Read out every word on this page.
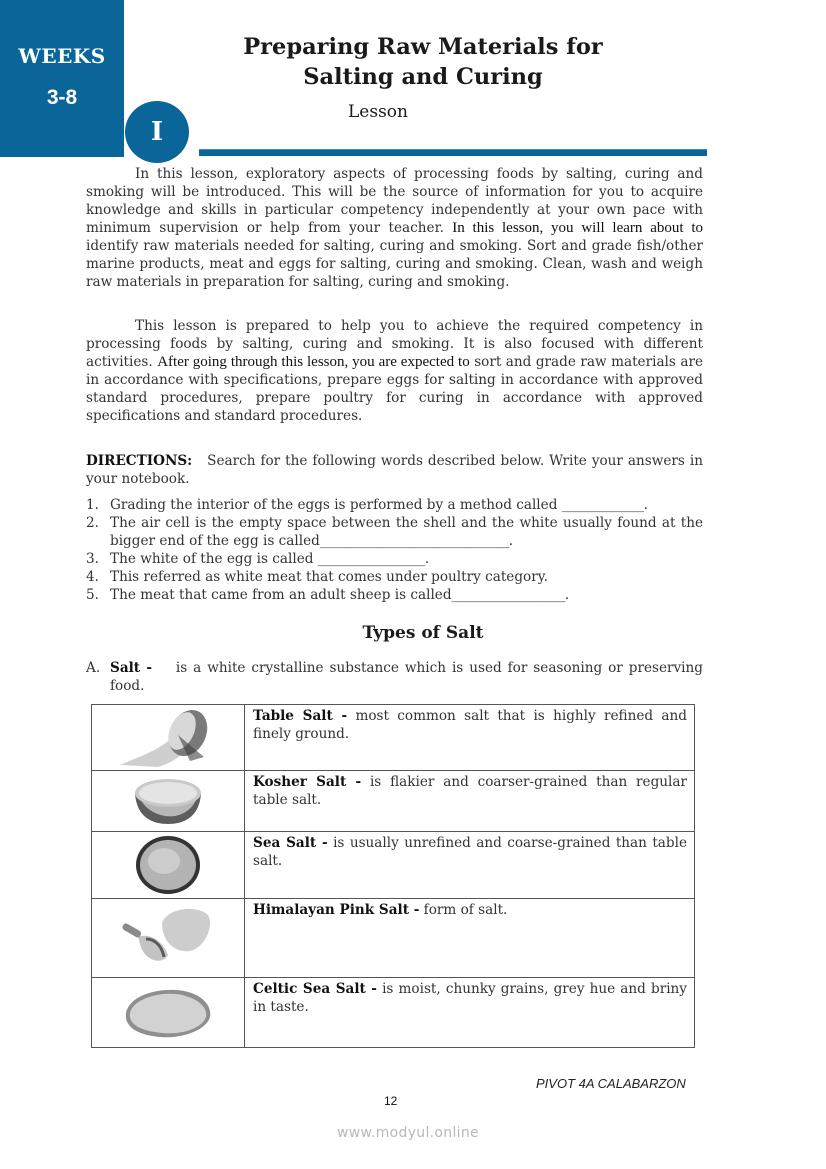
WEEKS
3-8
I
Preparing Raw Materials for
Salting and Curing
Lesson

In this lesson, exploratory aspects of processing foods by salting, curing and smoking will be introduced. This will be the source of information for you to acquire knowledge and skills in particular competency independently at your own pace with minimum supervision or help from your teacher. In this lesson, you will learn about to identify raw materials needed for salting, curing and smoking. Sort and grade fish/other marine products, meat and eggs for salting, curing and smoking. Clean, wash and weigh raw materials in preparation for salting, curing and smoking.

This lesson is prepared to help you to achieve the required competency in processing foods by salting, curing and smoking. It is also focused with different activities. After going through this lesson, you are expected to sort and grade raw materials are in accordance with specifications, prepare eggs for salting in accordance with approved standard procedures, prepare poultry for curing in accordance with approved specifications and standard procedures.

DIRECTIONS: Search for the following words described below. Write your answers in your notebook.

1. Grading the interior of the eggs is performed by a method called _____________.
2. The air cell is the empty space between the shell and the white usually found at the bigger end of the egg is called______________________________.
3. The white of the egg is called _________________.
4. This referred as white meat that comes under poultry category.
5. The meat that came from an adult sheep is called__________________.
Types of Salt
A. Salt - is a white crystalline substance which is used for seasoning or preserving food.
	Table Salt - most common salt that is highly refined and finely ground.

	Kosher Salt - is flakier and coarser-grained than regular table salt.

	Sea Salt - is usually unrefined and coarse-grained than table salt.

	Himalayan Pink Salt - form of salt.

	Celtic Sea Salt - is moist, chunky grains, grey hue and briny in taste.
PIVOT 4A CALABARZON
12
www.modyul.online
